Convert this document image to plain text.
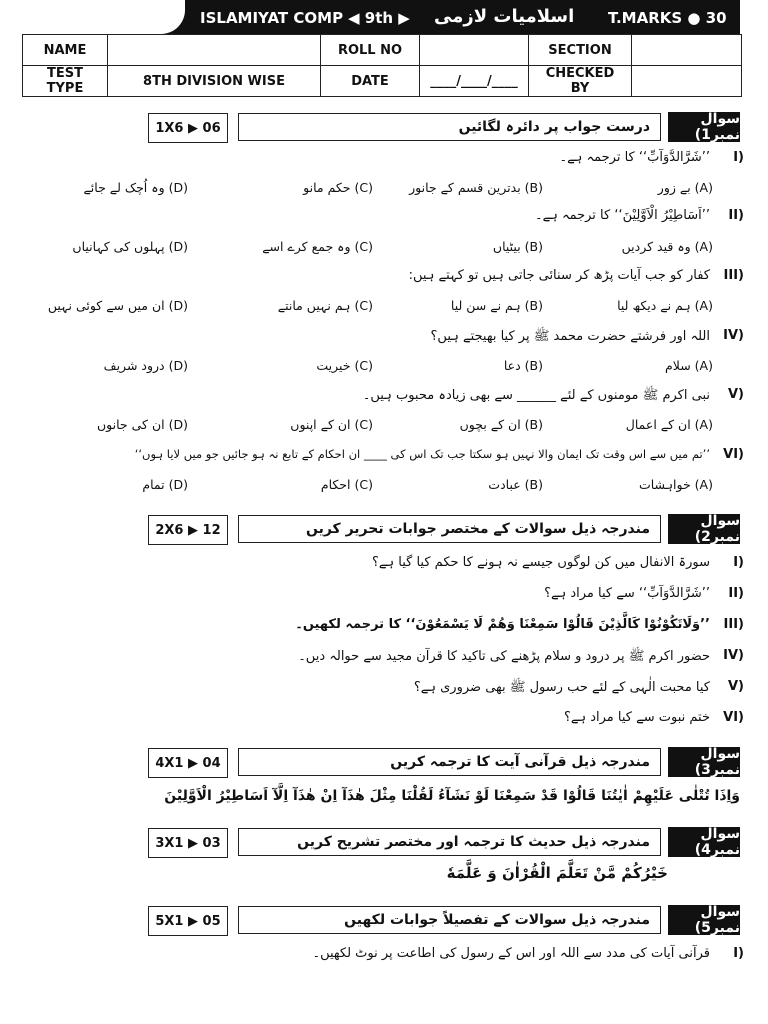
ISLAMIYAT COMP ◀ 9th ▶ اسلامیات لازمی T.MARKS ● 30
NAME		ROLL NO		SECTION	
TEST TYPE	8TH DIVISION WISE	DATE	____/____/____	CHECKED BY	
1X6 ▶ 06	درست جواب پر دائرہ لگائیں	سوال نمبر1)
I)
’’شَرَّالدَّوَآبِّ‘‘ کا ترجمہ ہے۔
(A) بے زور
(B) بدترین قسم کے جانور
(C) حکم مانو
(D) وہ اُچک لے جائے
II)
’’اَسَاطِیْرُ الْاَوَّلِیْنَ‘‘ کا ترجمہ ہے۔
(A) وہ قید کردیں
(B) بیٹیاں
(C) وہ جمع کرے اسے
(D) پہلوں کی کہانیاں
III)
کفار کو جب آیات پڑھ کر سنائی جاتی ہیں تو کہتے ہیں:
(A) ہم نے دیکھ لیا
(B) ہم نے سن لیا
(C) ہم نہیں مانتے
(D) ان میں سے کوئی نہیں
IV)
اللہ اور فرشتے حضرت محمد ﷺ پر کیا بھیجتے ہیں؟
(A) سلام
(B) دعا
(C) خیریت
(D) درود شریف
V)
نبی اکرم ﷺ مومنوں کے لئے ______ سے بھی زیادہ محبوب ہیں۔
(A) ان کے اعمال
(B) ان کے بچوں
(C) ان کے اپنوں
(D) ان کی جانوں
VI)
’’تم میں سے اس وقت تک ایمان والا نہیں ہو سکتا جب تک اس کی ____ ان احکام کے تابع نہ ہو جائیں جو میں لایا ہوں‘‘
(A) خواہشات
(B) عبادت
(C) احکام
(D) تمام
2X6 ▶ 12	مندرجہ ذیل سوالات کے مختصر جوابات تحریر کریں	سوال نمبر2)
I)
سورۃ الانفال میں کن لوگوں جیسے نہ ہونے کا حکم کیا گیا ہے؟
II)
’’شَرَّالدَّوَآبِّ‘‘ سے کیا مراد ہے؟
III)
’’وَلَاتَكُوْنُوْا كَالَّذِيْنَ قَالُوْا سَمِعْنَا وَهُمْ لَا يَسْمَعُوْنَ‘‘ کا ترجمہ لکھیں۔
IV)
حضور اکرم ﷺ پر درود و سلام پڑھنے کی تاکید کا قرآن مجید سے حوالہ دیں۔
V)
کیا محبت الٰہی کے لئے حب رسول ﷺ بھی ضروری ہے؟
VI)
ختم نبوت سے کیا مراد ہے؟
4X1 ▶ 04	مندرجہ ذیل قرآنی آیت کا ترجمہ کریں	سوال نمبر3)
وَاِذَا تُتْلٰى عَلَيْهِمْ اٰيٰتُنَا قَالُوْا قَدْ سَمِعْنَا لَوْ نَشَآءُ لَقُلْنَا مِثْلَ هٰذَآ اِنْ هٰذَآ اِلَّآ اَسَاطِيْرُ الْاَوَّلِيْنَ
3X1 ▶ 03	مندرجہ ذیل حدیث کا ترجمہ اور مختصر تشریح کریں	سوال نمبر4)
خَيْرُكُمْ مَّنْ تَعَلَّمَ الْقُرْاٰنَ وَ عَلَّمَهٗ
5X1 ▶ 05	مندرجہ ذیل سوالات کے تفصیلاً جوابات لکھیں	سوال نمبر5)
I)
قرآنی آیات کی مدد سے اللہ اور اس کے رسول کی اطاعت پر نوٹ لکھیں۔
